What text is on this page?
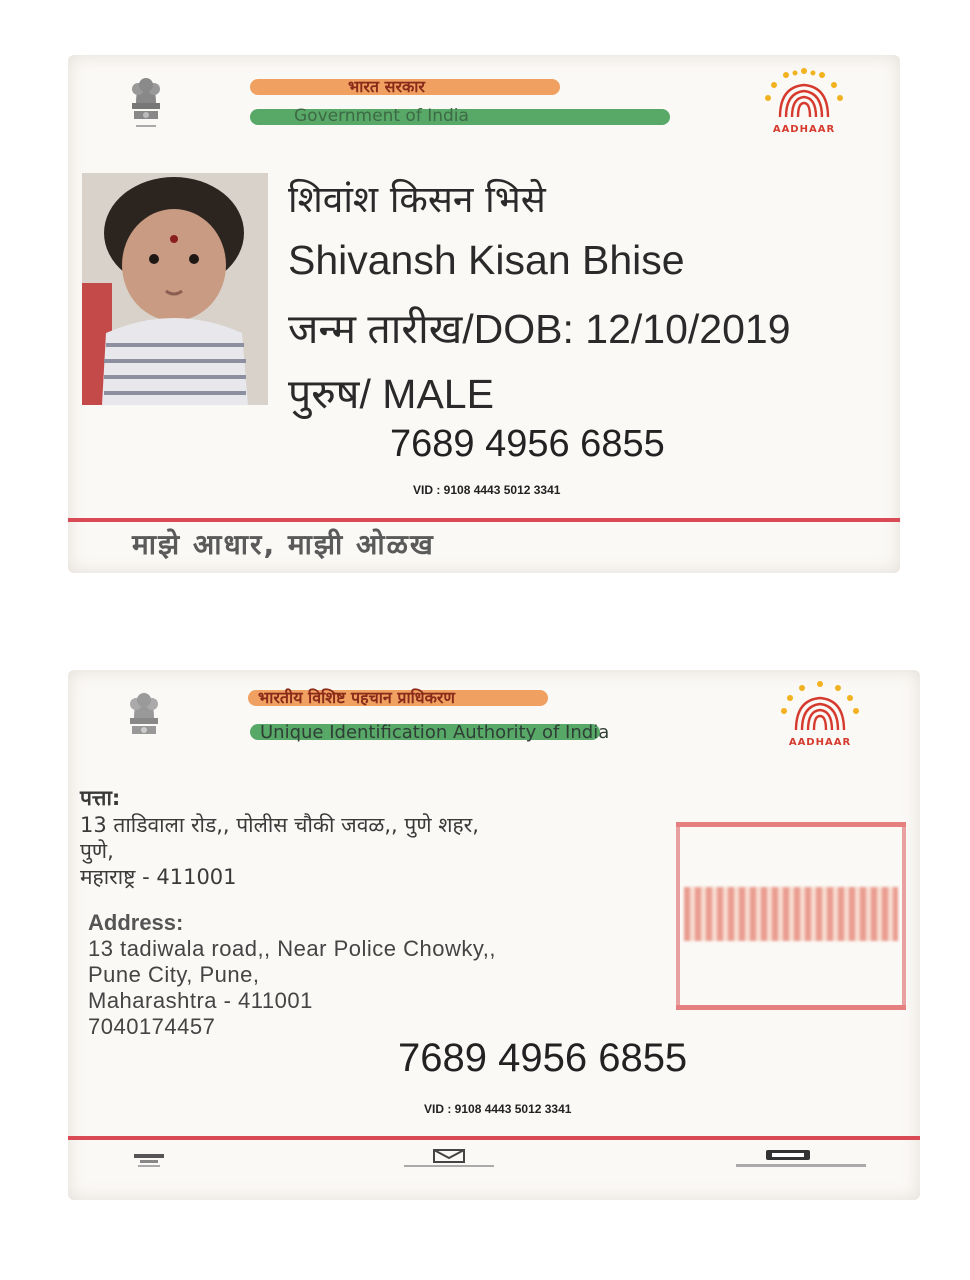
भारत सरकार
Government of India
AADHAAR
शिवांश किसन भिसे
Shivansh Kisan Bhise
जन्म तारीख/DOB: 12/10/2019
पुरुष/ MALE
7689 4956 6855
VID : 9108 4443 5012 3341
माझे आधार, माझी ओळख
भारतीय विशिष्ट पहचान प्राधिकरण
Unique Identification Authority of India	AADHAAR
पत्ता:
13 ताडिवाला रोड,, पोलीस चौकी जवळ,, पुणे शहर,
पुणे,
महाराष्ट्र - 411001
Address:
13 tadiwala road,, Near Police Chowky,,
Pune City, Pune,
Maharashtra - 411001
7040174457
7689 4956 6855
VID : 9108 4443 5012 3341
